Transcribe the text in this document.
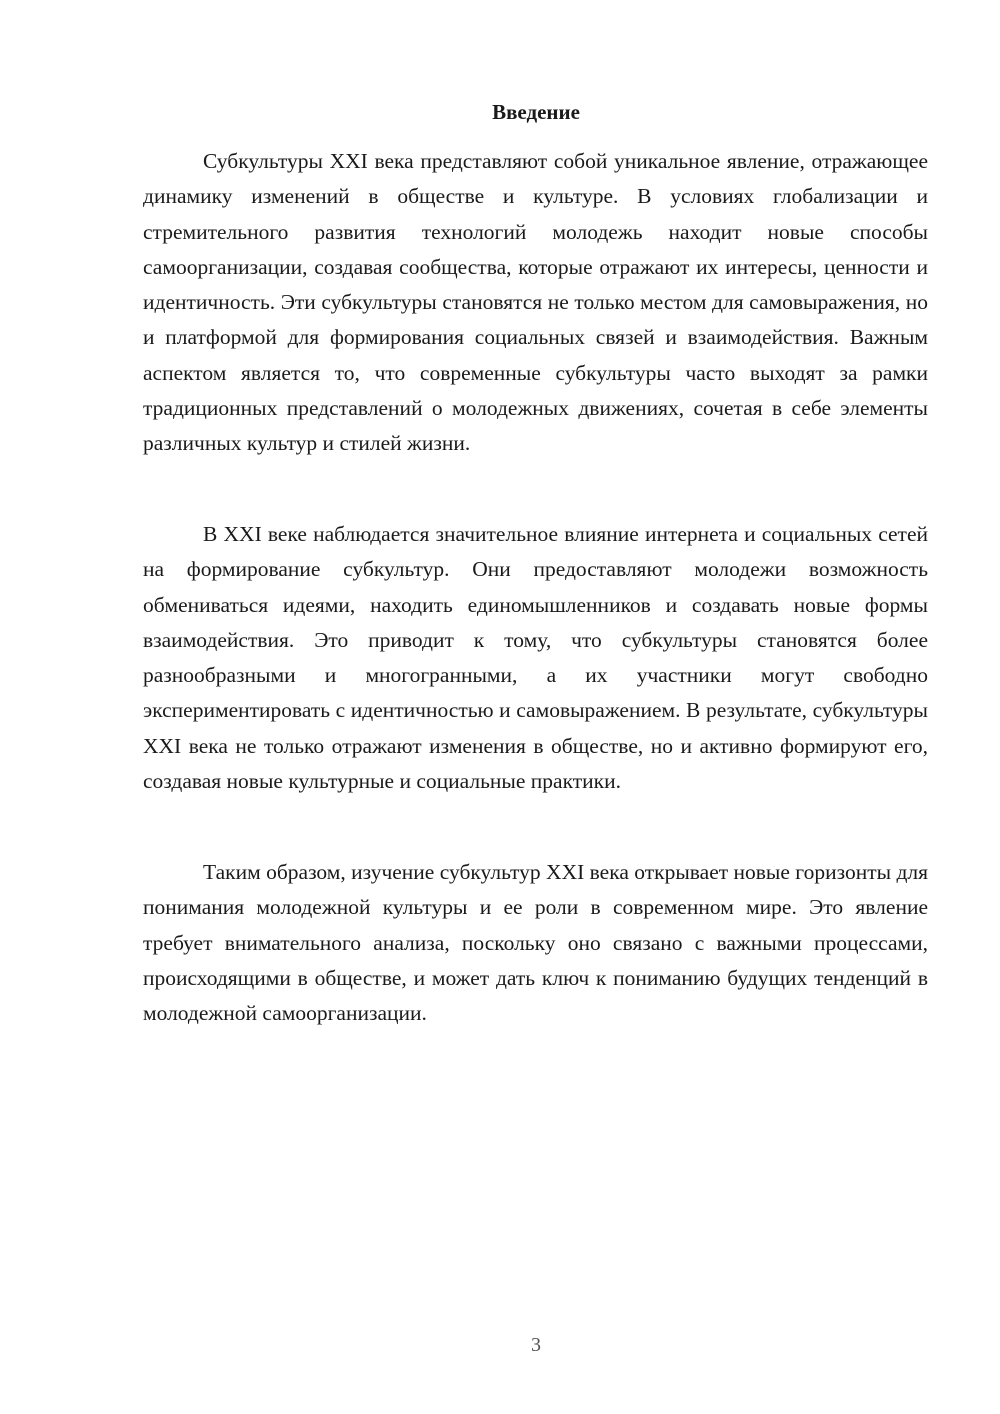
Введение

Субкультуры XXI века представляют собой уникальное явление, отражающее динамику изменений в обществе и культуре. В условиях глобализации и стремительного развития технологий молодежь находит новые способы самоорганизации, создавая сообщества, которые отражают их интересы, ценности и идентичность. Эти субкультуры становятся не только местом для самовыражения, но и платформой для формирования социальных связей и взаимодействия. Важным аспектом является то, что современные субкультуры часто выходят за рамки традиционных представлений о молодежных движениях, сочетая в себе элементы различных культур и стилей жизни.

В XXI веке наблюдается значительное влияние интернета и социальных сетей на формирование субкультур. Они предоставляют молодежи возможность обмениваться идеями, находить единомышленников и создавать новые формы взаимодействия. Это приводит к тому, что субкультуры становятся более разнообразными и многогранными, а их участники могут свободно экспериментировать с идентичностью и самовыражением. В результате, субкультуры XXI века не только отражают изменения в обществе, но и активно формируют его, создавая новые культурные и социальные практики.

Таким образом, изучение субкультур XXI века открывает новые горизонты для понимания молодежной культуры и ее роли в современном мире. Это явление требует внимательного анализа, поскольку оно связано с важными процессами, происходящими в обществе, и может дать ключ к пониманию будущих тенденций в молодежной самоорганизации.

3
